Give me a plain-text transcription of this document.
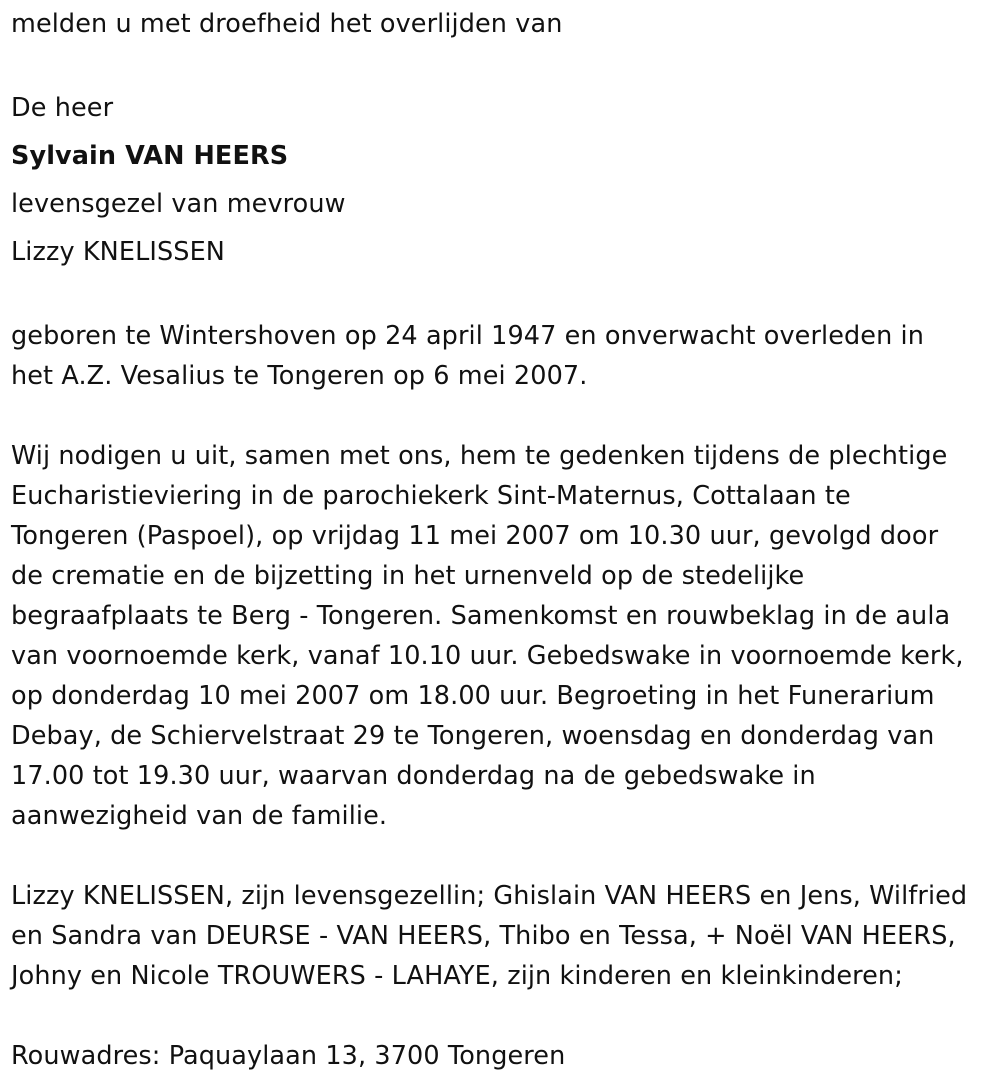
melden u met droefheid het overlijden van
De heer
Sylvain VAN HEERS
levensgezel van mevrouw
Lizzy KNELISSEN
geboren te Wintershoven op 24 april 1947 en onverwacht overleden in
het A.Z. Vesalius te Tongeren op 6 mei 2007.
Wij nodigen u uit, samen met ons, hem te gedenken tijdens de plechtige
Eucharistieviering in de parochiekerk Sint-Maternus, Cottalaan te
Tongeren (Paspoel), op vrijdag 11 mei 2007 om 10.30 uur, gevolgd door
de crematie en de bijzetting in het urnenveld op de stedelijke
begraafplaats te Berg - Tongeren. Samenkomst en rouwbeklag in de aula
van voornoemde kerk, vanaf 10.10 uur. Gebedswake in voornoemde kerk,
op donderdag 10 mei 2007 om 18.00 uur. Begroeting in het Funerarium
Debay, de Schiervelstraat 29 te Tongeren, woensdag en donderdag van
17.00 tot 19.30 uur, waarvan donderdag na de gebedswake in
aanwezigheid van de familie.
Lizzy KNELISSEN, zijn levensgezellin; Ghislain VAN HEERS en Jens, Wilfried
en Sandra van DEURSE - VAN HEERS, Thibo en Tessa, + Noël VAN HEERS,
Johny en Nicole TROUWERS - LAHAYE, zijn kinderen en kleinkinderen;
Rouwadres: Paquaylaan 13, 3700 Tongeren
